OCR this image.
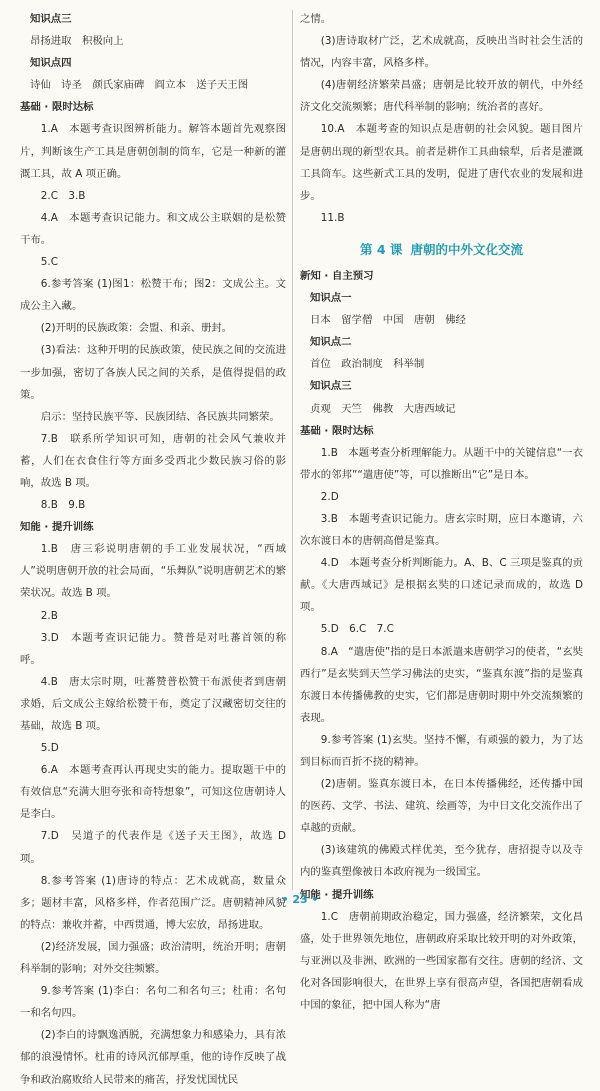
知识点三
昂扬进取　积极向上
知识点四
诗仙　诗圣　颜氏家庙碑　阎立本　送子天王图
基础 · 限时达标
1.A　本题考查识图辨析能力。解答本题首先观察图片，判断该生产工具是唐朝创制的筒车，它是一种新的灌溉工具，故 A 项正确。
2.C　3.B
4.A　本题考查识记能力。和文成公主联姻的是松赞干布。
5.C
6.参考答案 (1)图1：松赞干布；图2：文成公主。文成公主入藏。
(2)开明的民族政策：会盟、和亲、册封。
(3)看法：这种开明的民族政策，使民族之间的交流进一步加强，密切了各族人民之间的关系，是值得提倡的政策。
启示：坚持民族平等、民族团结、各民族共同繁荣。
7.B　联系所学知识可知，唐朝的社会风气兼收并蓄，人们在衣食住行等方面多受西北少数民族习俗的影响，故选 B 项。
8.B　9.B
知能 · 提升训练
1.B　唐三彩说明唐朝的手工业发展状况，“西域人”说明唐朝开放的社会局面，“乐舞队”说明唐朝艺术的繁荣状况。故选 B 项。
2.B
3.D　本题考查识记能力。赞普是对吐蕃首领的称呼。
4.B　唐太宗时期，吐蕃赞普松赞干布派使者到唐朝求婚，后文成公主嫁给松赞干布，奠定了汉藏密切交往的基础，故选 B 项。
5.D
6.A　本题考查再认再现史实的能力。提取题干中的有效信息“充满大胆夸张和奇特想象”，可知这位唐朝诗人是李白。
7.D　吴道子的代表作是《送子天王图》，故选 D 项。
8.参考答案 (1)唐诗的特点：艺术成就高，数量众多；题材丰富，风格多样，作者范围广泛。唐朝精神风貌的特点：兼收并蓄，中西贯通，博大宏放，昂扬进取。
(2)经济发展，国力强盛；政治清明，统治开明；唐朝科举制的影响；对外交往频繁。
9.参考答案 (1)李白：名句二和名句三；杜甫：名句一和名句四。
(2)李白的诗飘逸洒脱，充满想象力和感染力，具有浓郁的浪漫情怀。杜甫的诗风沉郁厚重，他的诗作反映了战争和政治腐败给人民带来的痛苦，抒发忧国忧民
之情。
(3)唐诗取材广泛，艺术成就高，反映出当时社会生活的情况，内容丰富，风格多样。
(4)唐朝经济繁荣昌盛；唐朝是比较开放的朝代，中外经济文化交流频繁；唐代科举制的影响；统治者的喜好。
10.A　本题考查的知识点是唐朝的社会风貌。题目图片是唐朝出现的新型农具。前者是耕作工具曲辕犁，后者是灌溉工具筒车。这些新式工具的发明，促进了唐代农业的发展和进步。
11.B
第 4 课 唐朝的中外文化交流
新知 · 自主预习
知识点一
日本　留学僧　中国　唐朝　佛经
知识点二
首位　政治制度　科举制
知识点三
贞观　天竺　佛教　大唐西域记
基础 · 限时达标
1.B　本题考查分析理解能力。从题干中的关键信息“一衣带水的邻邦”“遣唐使”等，可以推断出“它”是日本。
2.D
3.B　本题考查识记能力。唐玄宗时期，应日本邀请，六次东渡日本的唐朝高僧是鉴真。
4.D　本题考查分析判断能力。A、B、C 三项是鉴真的贡献。《大唐西域记》是根据玄奘的口述记录而成的，故选 D 项。
5.D　6.C　7.C
8.A　“遣唐使”指的是日本派遣来唐朝学习的使者，“玄奘西行”是玄奘到天竺学习佛法的史实，“鉴真东渡”指的是鉴真东渡日本传播佛教的史实，它们都是唐朝时期中外交流频繁的表现。
9.参考答案 (1)玄奘。坚持不懈，有顽强的毅力，为了达到目标而百折不挠的精神。
(2)唐朝。鉴真东渡日本，在日本传播佛经，还传播中国的医药、文学、书法、建筑、绘画等，为中日文化交流作出了卓越的贡献。
(3)该建筑的佛殿式样优美，至今犹存，唐招提寺以及寺内的鉴真塑像被日本政府视为一级国宝。
知能 · 提升训练
1.C　唐朝前期政治稳定，国力强盛，经济繁荣，文化昌盛，处于世界领先地位，唐朝政府采取比较开明的对外政策，与亚洲以及非洲、欧洲的一些国家都有交往。唐朝的经济、文化对各国影响很大，在世界上享有很高声望，各国把唐朝看成中国的象征，把中国人称为“唐
• 23 •
